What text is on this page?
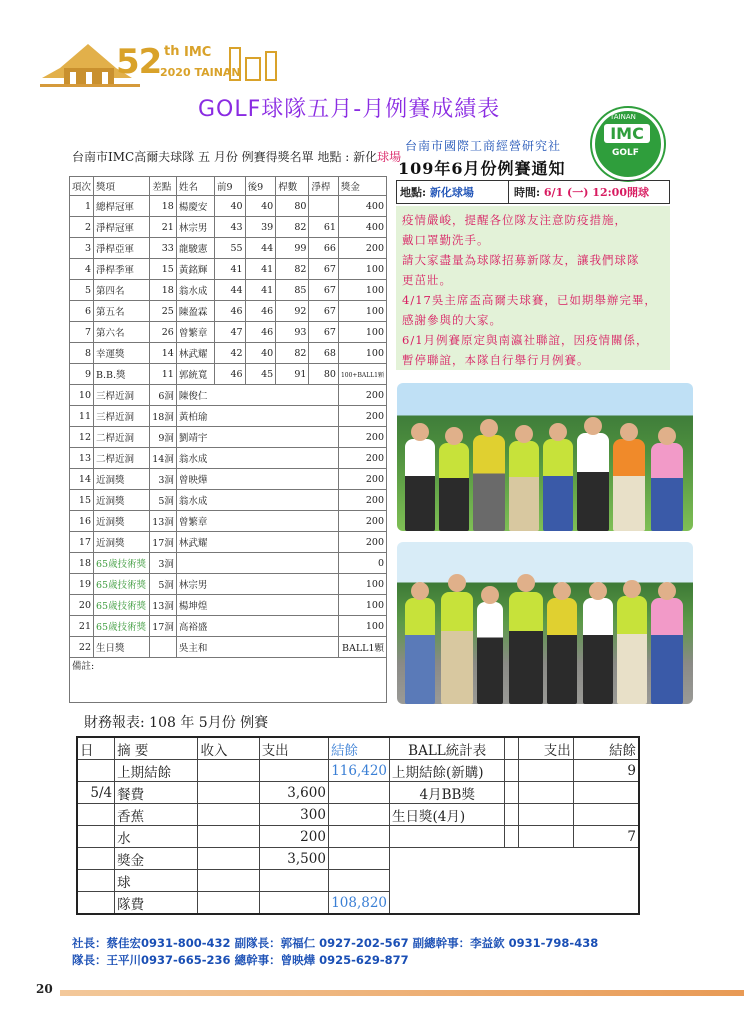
52 th IMC
2020 TAINAN
GOLF球隊五月-月例賽成績表	TAINAN
IMC
GOLF
台南市IMC高爾夫球隊 五 月份 例賽得獎名單 地點 : 新化球場
項次	獎項	差點	姓名	前9	後9	桿數	淨桿	獎金
1	總桿冠軍	18	楊慶安	40	40	80		400
2	淨桿冠軍	21	林宗男	43	39	82	61	400
3	淨桿亞軍	33	龍駿憲	55	44	99	66	200
4	淨桿季軍	15	黃銘輝	41	41	82	67	100
5	第四名	18	翁水成	44	41	85	67	100
6	第五名	25	陳盈霖	46	46	92	67	100
7	第六名	26	曾繁章	47	46	93	67	100
8	幸運獎	14	林武耀	42	40	82	68	100
9	B.B.獎	11	郭統寬	46	45	91	80	100+BALL1顆
10	三桿近洞	6洞	陳俊仁					200
11	三桿近洞	18洞	黃柏瑜					200
12	二桿近洞	9洞	劉靖宇					200
13	二桿近洞	14洞	翁水成					200
14	近洞獎	3洞	曾映燁					200
15	近洞獎	5洞	翁水成					200
16	近洞獎	13洞	曾繁章					200
17	近洞獎	17洞	林武耀					200
18	65歲技術獎	3洞						0
19	65歲技術獎	5洞	林宗男					100
20	65歲技術獎	13洞	楊坤煌					100
21	65歲技術獎	17洞	高裕盛					100
22	生日獎		吳主和					BALL1顆
備註:								
台南市國際工商經營研究社
109年6月份例賽通知
地點: 新化球場	時間: 6/1 (一) 12:00開球
疫情嚴峻，提醒各位隊友注意防疫措施，
戴口罩勤洗手。
請大家盡量為球隊招募新隊友，讓我們球隊
更茁壯。
4/17吳主席盃高爾夫球賽，已如期舉辦完畢，
感謝參與的大家。
6/1月例賽原定與南瀛社聯誼，因疫情關係，
暫停聯誼，本隊自行舉行月例賽。
財務報表: 108 年 5月份 例賽
日	摘 要	收入	支出	結餘	BALL統計表		支出	結餘
	上期結餘			116,420	上期結餘(新購)			9
5/4	餐費		3,600		4月BB獎			
	香蕉		300		生日獎(4月)			
	水		200					7
	獎金		3,500					
	球							
	隊費			108,820				
社長：蔡佳宏0931-800-432 副隊長：郭福仁 0927-202-567 副總幹事：李益欽 0931-798-438
隊長：王平川0937-665-236 總幹事：曾映燁 0925-629-877
20
